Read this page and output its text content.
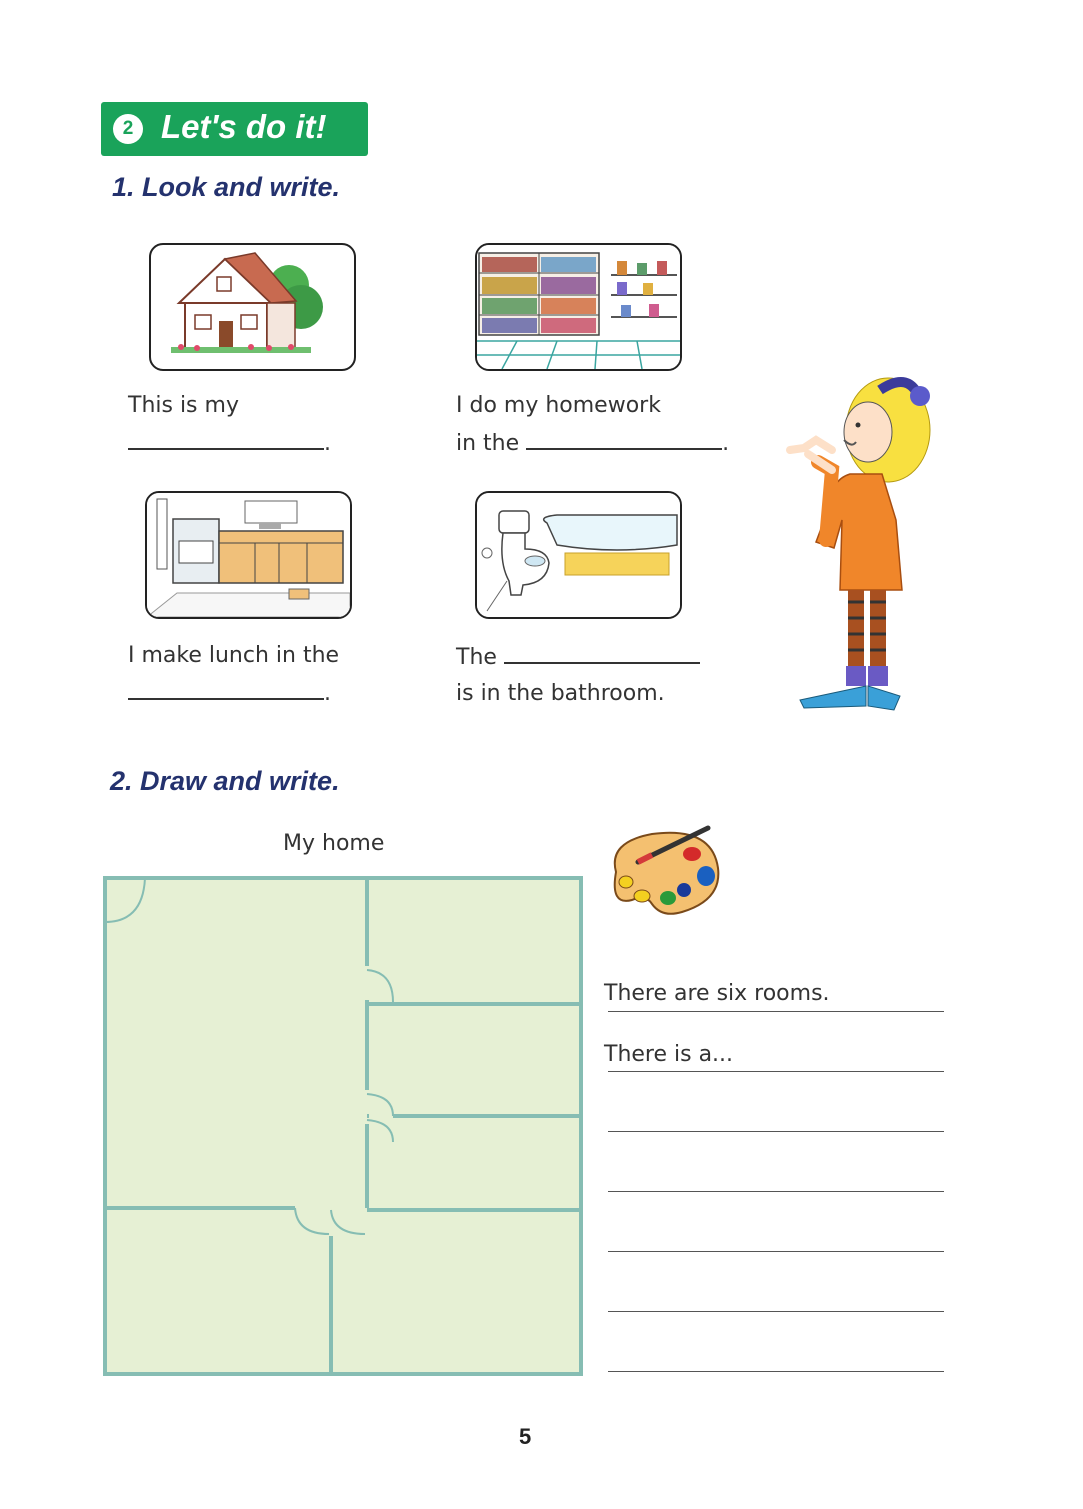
2 Let's do it!
1. Look and write.
This is my
.
I do my homework
in the	.
I make lunch in the
.
The
is in the bathroom.
2. Draw and write.
My home
There are six rooms.
There is a...
5
